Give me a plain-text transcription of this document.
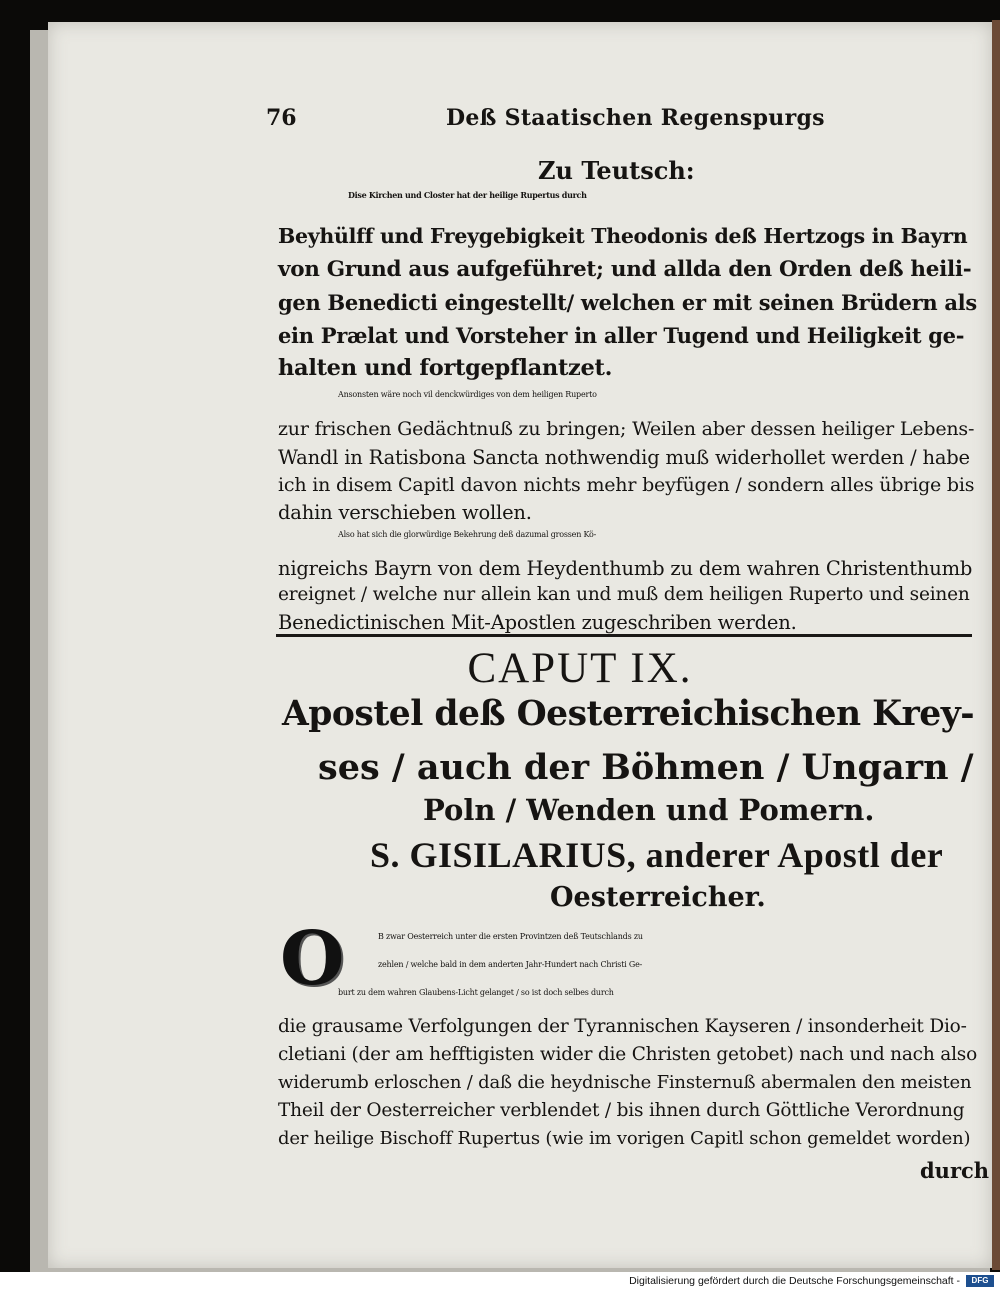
76	Deß Staatischen Regenspurgs
Zu Teutsch:
Dise Kirchen und Closter hat der heilige Rupertus durch
Beyhülff und Freygebigkeit Theodonis deß Hertzogs in Bayrn
von Grund aus aufgeführet; und allda den Orden deß heili-
gen Benedicti eingestellt/ welchen er mit seinen Brüdern als
ein Prælat und Vorsteher in aller Tugend und Heiligkeit ge-
halten und fortgepflantzet.
Ansonsten wäre noch vil denckwürdiges von dem heiligen Ruperto
zur frischen Gedächtnuß zu bringen; Weilen aber dessen heiliger Lebens-
Wandl in Ratisbona Sancta nothwendig muß widerhollet werden / habe
ich in disem Capitl davon nichts mehr beyfügen / sondern alles übrige bis
dahin verschieben wollen.
Also hat sich die glorwürdige Bekehrung deß dazumal grossen Kö-
nigreichs Bayrn von dem Heydenthumb zu dem wahren Christenthumb
ereignet / welche nur allein kan und muß dem heiligen Ruperto und seinen
Benedictinischen Mit-Apostlen zugeschriben werden.
CAPUT IX.
Apostel deß Oesterreichischen Krey-
ses / auch der Böhmen / Ungarn /
Poln / Wenden und Pomern.
S. GISILARIUS, anderer Apostl der
Oesterreicher.
O	B zwar Oesterreich unter die ersten Provintzen deß Teutschlands zu
zehlen / welche bald in dem anderten Jahr-Hundert nach Christi Ge-
burt zu dem wahren Glaubens-Licht gelanget / so ist doch selbes durch
die grausame Verfolgungen der Tyrannischen Kayseren / insonderheit Dio-
cletiani (der am hefftigisten wider die Christen getobet) nach und nach also
widerumb erloschen / daß die heydnische Finsternuß abermalen den meisten
Theil der Oesterreicher verblendet / bis ihnen durch Göttliche Verordnung
der heilige Bischoff Rupertus (wie im vorigen Capitl schon gemeldet worden)
durch
Digitalisierung gefördert durch die Deutsche Forschungsgemeinschaft -	DFG
